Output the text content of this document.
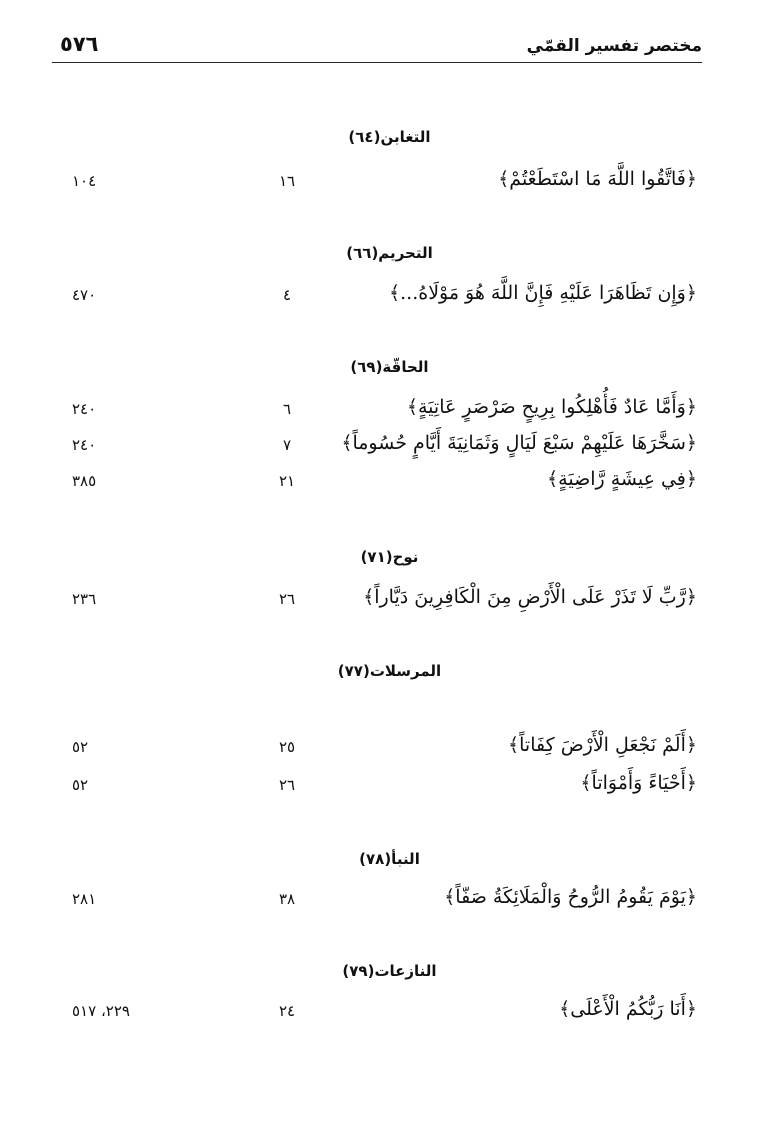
٥٧٦	مختصر تفسير القمّي
التغابن(٦٤)
﴿فَاتَّقُوا اللَّهَ مَا اسْتَطَعْتُمْ﴾
١٦
١٠٤
التحريم(٦٦)
﴿وَإِن تَظَاهَرَا عَلَيْهِ فَإِنَّ اللَّهَ هُوَ مَوْلَاهُ...﴾
٤
٤٧٠
الحاقّة(٦٩)
﴿وَأَمَّا عَادٌ فَأُهْلِكُوا بِرِيحٍ صَرْصَرٍ عَاتِيَةٍ﴾
٦
٢٤٠
﴿سَخَّرَهَا عَلَيْهِمْ سَبْعَ لَيَالٍ وَثَمَانِيَةَ أَيَّامٍ حُسُوماً﴾
٧
٢٤٠
﴿فِي عِيشَةٍ رَّاضِيَةٍ﴾
٢١
٣٨٥
نوح(٧١)
﴿رَّبِّ لَا تَذَرْ عَلَى الْأَرْضِ مِنَ الْكَافِرِينَ دَيَّاراً﴾
٢٦
٢٣٦
المرسلات(٧٧)
﴿أَلَمْ نَجْعَلِ الْأَرْضَ كِفَاتاً﴾
٢٥
٥٢
﴿أَحْيَاءً وَأَمْوَاتاً﴾
٢٦
٥٢
النبأ(٧٨)
﴿يَوْمَ يَقُومُ الرُّوحُ وَالْمَلَائِكَةُ صَفّاً﴾
٣٨
٢٨١
النازعات(٧٩)
﴿أَنَا رَبُّكُمُ الْأَعْلَى﴾
٢٤
٢٢٩، ٥١٧
